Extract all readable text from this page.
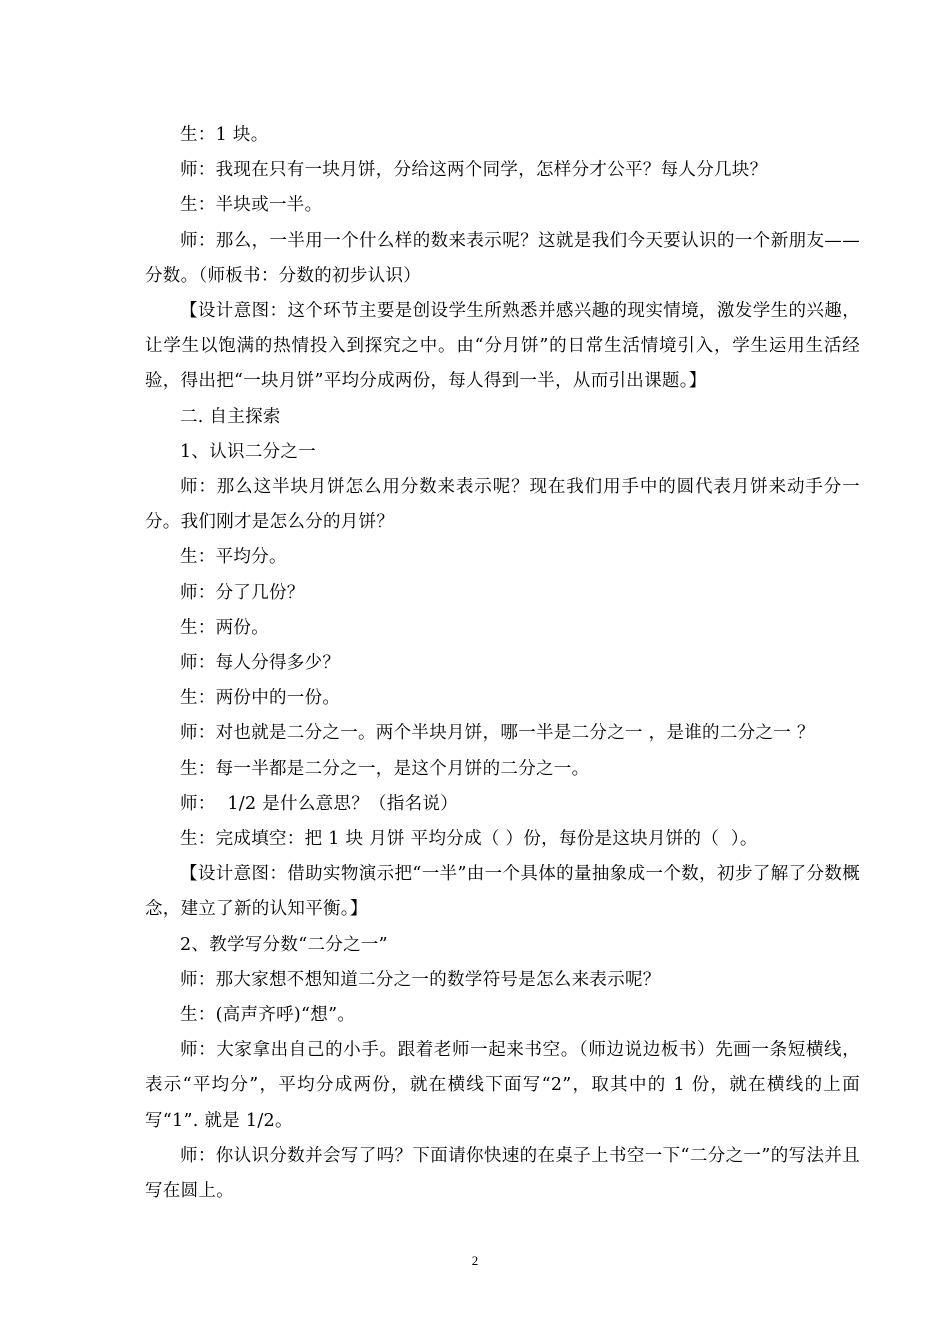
生：1 块。

师：我现在只有一块月饼，分给这两个同学，怎样分才公平？每人分几块？

生：半块或一半。

师：那么，一半用一个什么样的数来表示呢？这就是我们今天要认识的一个新朋友——分数。（师板书：分数的初步认识）

【设计意图：这个环节主要是创设学生所熟悉并感兴趣的现实情境，激发学生的兴趣，让学生以饱满的热情投入到探究之中。由“分月饼”的日常生活情境引入，学生运用生活经验，得出把“一块月饼”平均分成两份，每人得到一半，从而引出课题。】

二. 自主探索

1、认识二分之一

师：那么这半块月饼怎么用分数来表示呢？现在我们用手中的圆代表月饼来动手分一分。我们刚才是怎么分的月饼？

生：平均分。

师：分了几份？

生：两份。

师：每人分得多少？

生：两份中的一份。

师：对也就是二分之一。两个半块月饼，哪一半是二分之一 ，是谁的二分之一 ？

生：每一半都是二分之一，是这个月饼的二分之一。

师：  1/2 是什么意思？（指名说）

生：完成填空：把 1 块 月饼 平均分成（ ）份，每份是这块月饼的（  ）。

【设计意图：借助实物演示把“一半”由一个具体的量抽象成一个数，初步了解了分数概念，建立了新的认知平衡。】

2、教学写分数“二分之一”

师：那大家想不想知道二分之一的数学符号是怎么来表示呢？

生：(高声齐呼)“想”。

师：大家拿出自己的小手。跟着老师一起来书空。（师边说边板书）先画一条短横线，表示“平均分”，平均分成两份，就在横线下面写“2”，取其中的 1 份，就在横线的上面写“1”. 就是 1/2。

师：你认识分数并会写了吗？下面请你快速的在桌子上书空一下“二分之一”的写法并且写在圆上。

2
